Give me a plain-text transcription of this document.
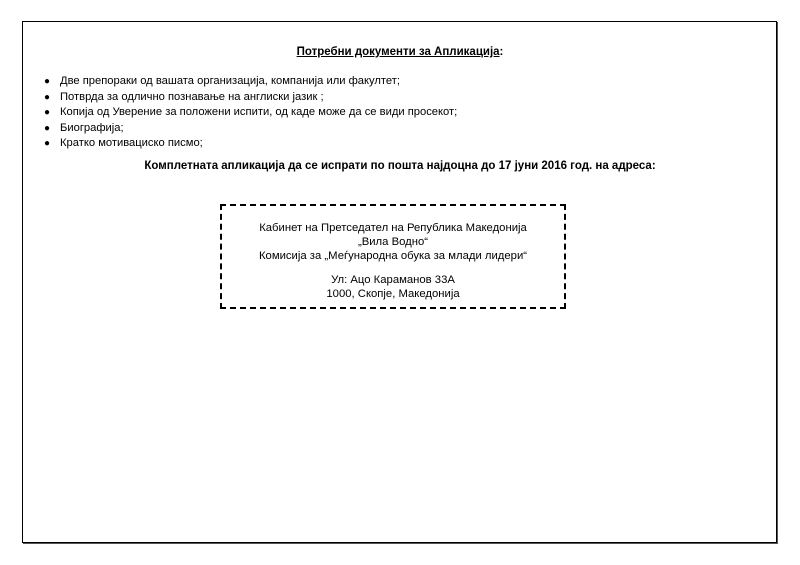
Потребни документи за Апликација:
● Две препораки од вашата организација, компанија или факултет;
● Потврда за одлично познавање на англиски јазик ;
● Копија од Уверение за положени испити, од каде може да се види просекот;
● Биографија;
● Кратко мотивациско писмо;
Комплетната апликација да се испрати по пошта најдоцна до 17 јуни 2016 год. на адреса:
Кабинет на Претседател на Република Македонија
„Вила Водно“
Комисија за „Меѓународна обука за млади лидери“
Ул: Ацо Караманов 33А
1000, Скопје, Македонија
